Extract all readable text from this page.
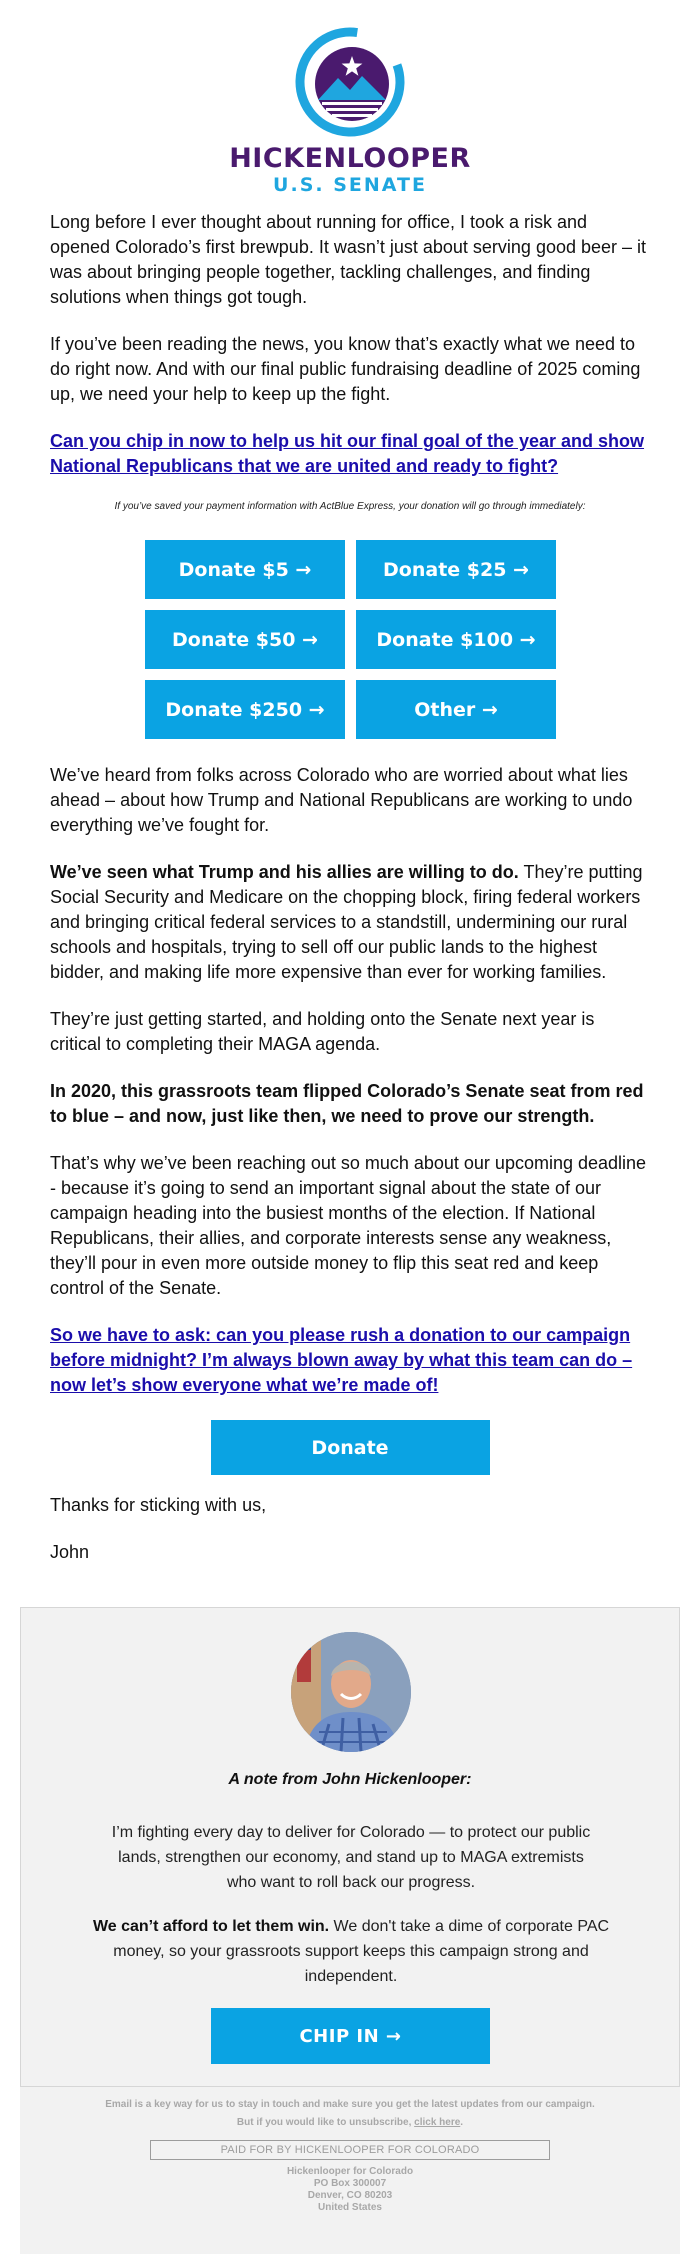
HICKENLOOPER
U.S. SENATE

Long before I ever thought about running for office, I took a risk and opened Colorado’s first brewpub. It wasn’t just about serving good beer – it was about bringing people together, tackling challenges, and finding solutions when things got tough.

If you’ve been reading the news, you know that’s exactly what we need to do right now. And with our final public fundraising deadline of 2025 coming up, we need your help to keep up the fight.

Can you chip in now to help us hit our final goal of the year and show National Republicans that we are united and ready to fight?

If you’ve saved your payment information with ActBlue Express, your donation will go through immediately:

Donate $5 →	Donate $25 →
Donate $50 →	Donate $100 →
Donate $250 →	Other →

We’ve heard from folks across Colorado who are worried about what lies ahead – about how Trump and National Republicans are working to undo everything we’ve fought for.

We’ve seen what Trump and his allies are willing to do. They’re putting Social Security and Medicare on the chopping block, firing federal workers and bringing critical federal services to a standstill, undermining our rural schools and hospitals, trying to sell off our public lands to the highest bidder, and making life more expensive than ever for working families.

They’re just getting started, and holding onto the Senate next year is critical to completing their MAGA agenda.

In 2020, this grassroots team flipped Colorado’s Senate seat from red to blue – and now, just like then, we need to prove our strength.

That’s why we’ve been reaching out so much about our upcoming deadline - because it’s going to send an important signal about the state of our campaign heading into the busiest months of the election. If National Republicans, their allies, and corporate interests sense any weakness, they’ll pour in even more outside money to flip this seat red and keep control of the Senate.

So we have to ask: can you please rush a donation to our campaign before midnight? I’m always blown away by what this team can do – now let’s show everyone what we’re made of!
Donate

Thanks for sticking with us,

John

A note from John Hickenlooper:
I’m fighting every day to deliver for Colorado — to protect our public lands, strengthen our economy, and stand up to MAGA extremists who want to roll back our progress.
We can’t afford to let them win. We don't take a dime of corporate PAC money, so your grassroots support keeps this campaign strong and independent.
CHIP IN →
Email is a key way for us to stay in touch and make sure you get the latest updates from our campaign.
But if you would like to unsubscribe, click here.
PAID FOR BY HICKENLOOPER FOR COLORADO
Hickenlooper for Colorado
PO Box 300007
Denver, CO 80203
United States
